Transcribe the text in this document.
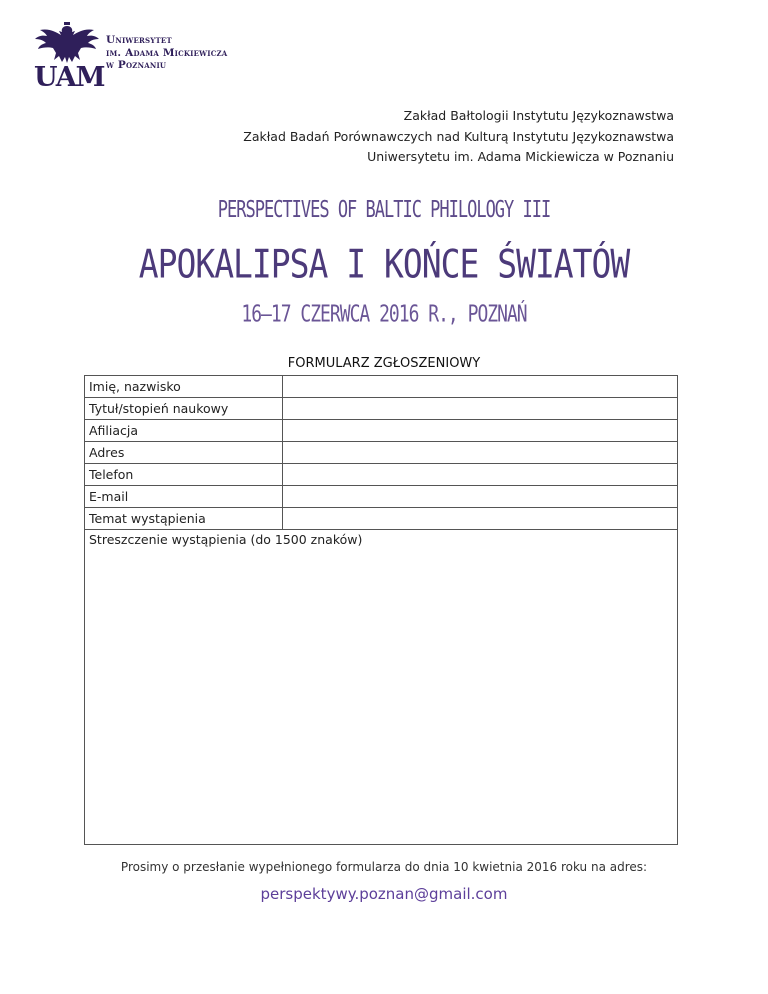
UAM
Uniwersytet
im. Adama Mickiewicza
w Poznaniu
Zakład Bałtologii Instytutu Językoznawstwa
Zakład Badań Porównawczych nad Kulturą Instytutu Językoznawstwa
Uniwersytetu im. Adama Mickiewicza w Poznaniu
PERSPECTIVES OF BALTIC PHILOLOGY III
APOKALIPSA I KOŃCE ŚWIATÓW
16–17 CZERWCA 2016 R., POZNAŃ
FORMULARZ ZGŁOSZENIOWY
Imię, nazwisko	
Tytuł/stopień naukowy	
Afiliacja	
Adres	
Telefon	
E-mail	
Temat wystąpienia	
Streszczenie wystąpienia (do 1500 znaków)	
Prosimy o przesłanie wypełnionego formularza do dnia 10 kwietnia 2016 roku na adres:
perspektywy.poznan@gmail.com
